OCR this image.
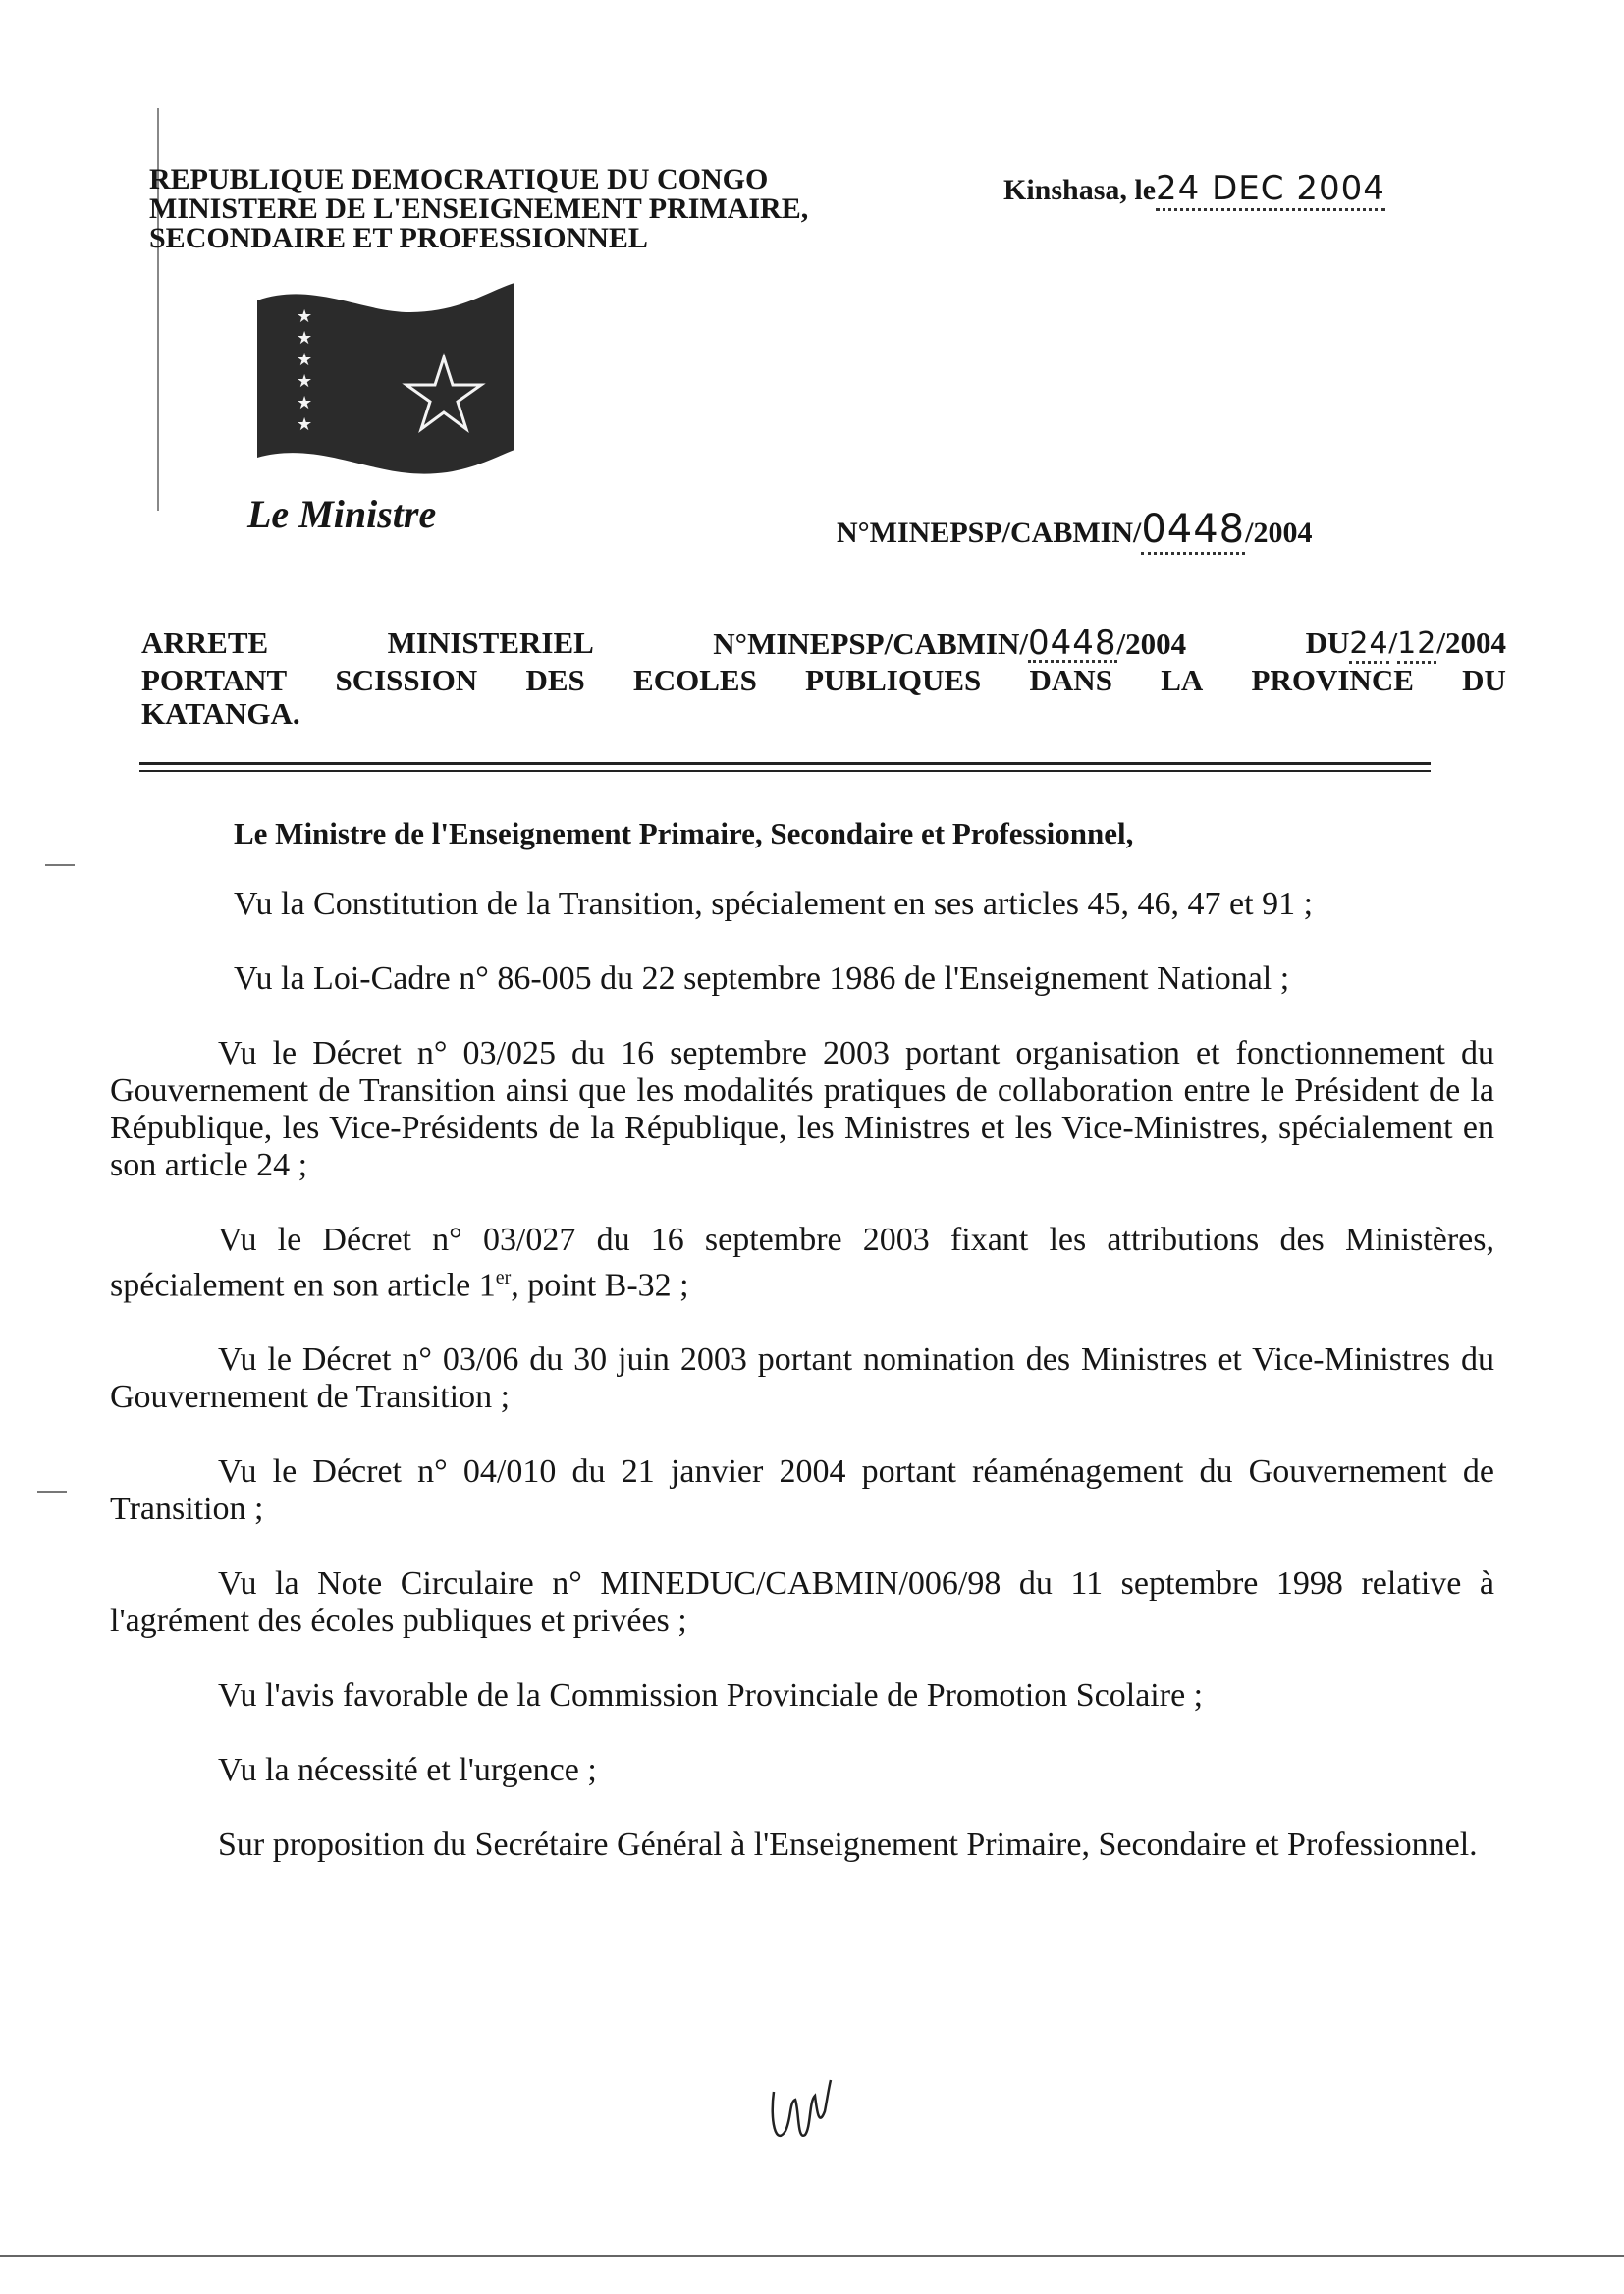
REPUBLIQUE DEMOCRATIQUE DU CONGO
MINISTERE DE L'ENSEIGNEMENT PRIMAIRE,
SECONDAIRE ET PROFESSIONNEL
Kinshasa, le24 DEC 2004
★
★
★
★
★
★
Le Ministre	N°MINEPSP/CABMIN/0448/2004
ARRETE	MINISTERIEL	N°MINEPSP/CABMIN/0448/2004	DU24/12/2004
PORTANT SCISSION DES ECOLES PUBLIQUES DANS LA PROVINCE DU
KATANGA.

Le Ministre de l'Enseignement Primaire, Secondaire et Professionnel,

Vu la Constitution de la Transition, spécialement en ses articles 45, 46, 47 et 91 ;

Vu la Loi-Cadre n° 86-005 du 22 septembre 1986 de l'Enseignement National ;

Vu le Décret n° 03/025 du 16 septembre 2003 portant organisation et fonctionnement du Gouvernement de Transition ainsi que les modalités pratiques de collaboration entre le Président de la République, les Vice-Présidents de la République, les Ministres et les Vice-Ministres, spécialement en son article 24 ;

Vu le Décret n° 03/027 du 16 septembre 2003 fixant les attributions des Ministères, spécialement en son article 1er, point B-32 ;

Vu le Décret n° 03/06 du 30 juin 2003 portant nomination des Ministres et Vice-Ministres du Gouvernement de Transition ;

Vu le Décret n° 04/010 du 21 janvier 2004 portant réaménagement du Gouvernement de Transition ;

Vu la Note Circulaire n° MINEDUC/CABMIN/006/98 du 11 septembre 1998 relative à l'agrément des écoles publiques et privées ;

Vu l'avis favorable de la Commission Provinciale de Promotion Scolaire ;

Vu la nécessité et l'urgence ;

Sur proposition du Secrétaire Général à l'Enseignement Primaire, Secondaire et Professionnel.
